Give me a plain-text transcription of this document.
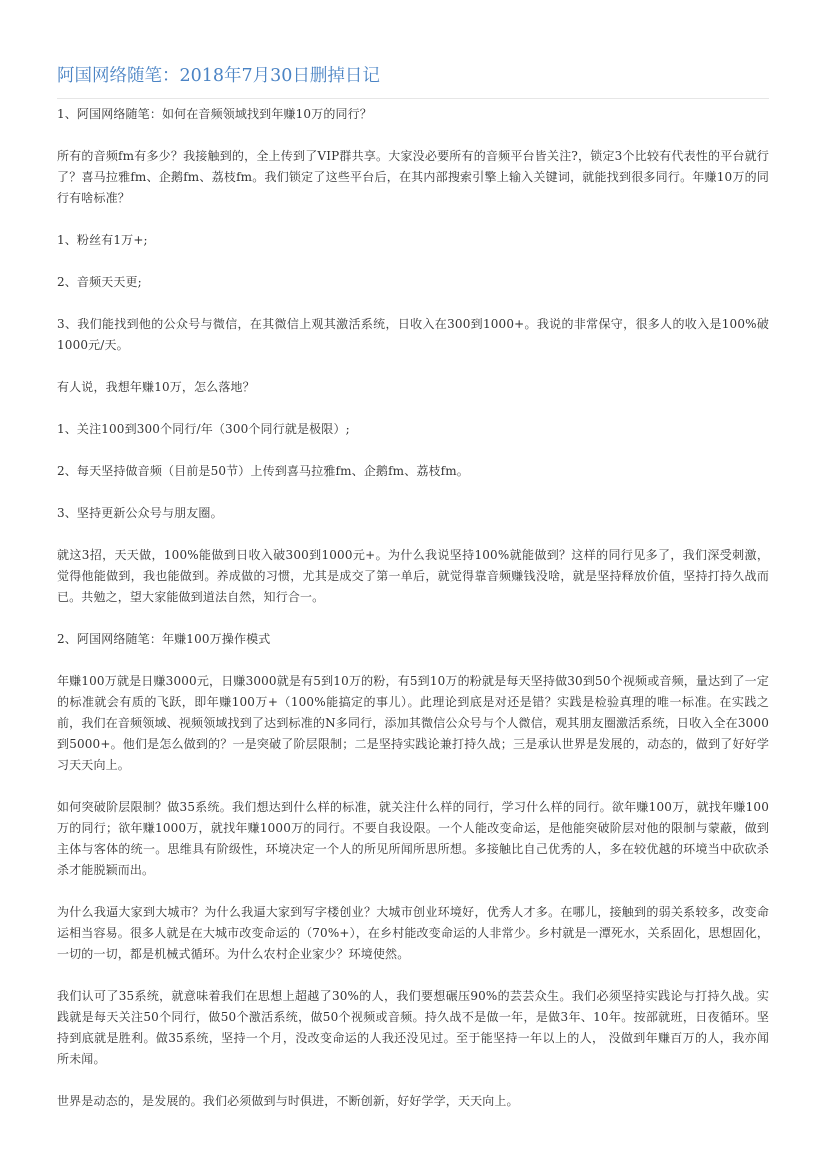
阿国网络随笔：2018年7月30日删掉日记

1、阿国网络随笔：如何在音频领域找到年赚10万的同行？

所有的音频fm有多少？我接触到的，全上传到了VIP群共享。大家没必要所有的音频平台皆关注?，锁定3个比较有代表性的平台就行了？喜马拉雅fm、企鹅fm、荔枝fm。我们锁定了这些平台后，在其内部搜索引擎上输入关键词，就能找到很多同行。年赚10万的同行有啥标准？

1、粉丝有1万+;

2、音频天天更;

3、我们能找到他的公众号与微信，在其微信上观其激活系统，日收入在300到1000+。我说的非常保守，很多人的收入是100%破1000元/天。

有人说，我想年赚10万，怎么落地？

1、关注100到300个同行/年（300个同行就是极限）;

2、每天坚持做音频（目前是50节）上传到喜马拉雅fm、企鹅fm、荔枝fm。

3、坚持更新公众号与朋友圈。

就这3招，天天做，100%能做到日收入破300到1000元+。为什么我说坚持100%就能做到？这样的同行见多了，我们深受刺激，觉得他能做到，我也能做到。养成做的习惯，尤其是成交了第一单后，就觉得靠音频赚钱没啥，就是坚持释放价值，坚持打持久战而已。共勉之，望大家能做到道法自然，知行合一。

2、阿国网络随笔：年赚100万操作模式

年赚100万就是日赚3000元，日赚3000就是有5到10万的粉，有5到10万的粉就是每天坚持做30到50个视频或音频，量达到了一定的标准就会有质的飞跃，即年赚100万+（100%能搞定的事儿）。此理论到底是对还是错？实践是检验真理的唯一标准。在实践之前，我们在音频领域、视频领域找到了达到标准的N多同行，添加其微信公众号与个人微信，观其朋友圈激活系统，日收入全在3000到5000+。他们是怎么做到的？一是突破了阶层限制；二是坚持实践论兼打持久战；三是承认世界是发展的，动态的，做到了好好学习天天向上。

如何突破阶层限制？做35系统。我们想达到什么样的标准，就关注什么样的同行，学习什么样的同行。欲年赚100万，就找年赚100万的同行；欲年赚1000万，就找年赚1000万的同行。不要自我设限。一个人能改变命运，是他能突破阶层对他的限制与蒙蔽，做到主体与客体的统一。思维具有阶级性，环境决定一个人的所见所闻所思所想。多接触比自己优秀的人，多在较优越的环境当中砍砍杀杀才能脱颖而出。

为什么我逼大家到大城市？为什么我逼大家到写字楼创业？大城市创业环境好，优秀人才多。在哪儿，接触到的弱关系较多，改变命运相当容易。很多人就是在大城市改变命运的（70%+），在乡村能改变命运的人非常少。乡村就是一潭死水，关系固化，思想固化，一切的一切，都是机械式循环。为什么农村企业家少？环境使然。

我们认可了35系统，就意味着我们在思想上超越了30%的人，我们要想碾压90%的芸芸众生。我们必须坚持实践论与打持久战。实践就是每天关注50个同行，做50个激活系统，做50个视频或音频。持久战不是做一年，是做3年、10年。按部就班，日夜循环。坚持到底就是胜利。做35系统，坚持一个月，没改变命运的人我还没见过。至于能坚持一年以上的人， 没做到年赚百万的人，我亦闻所未闻。

世界是动态的，是发展的。我们必须做到与时俱进，不断创新，好好学学，天天向上。
